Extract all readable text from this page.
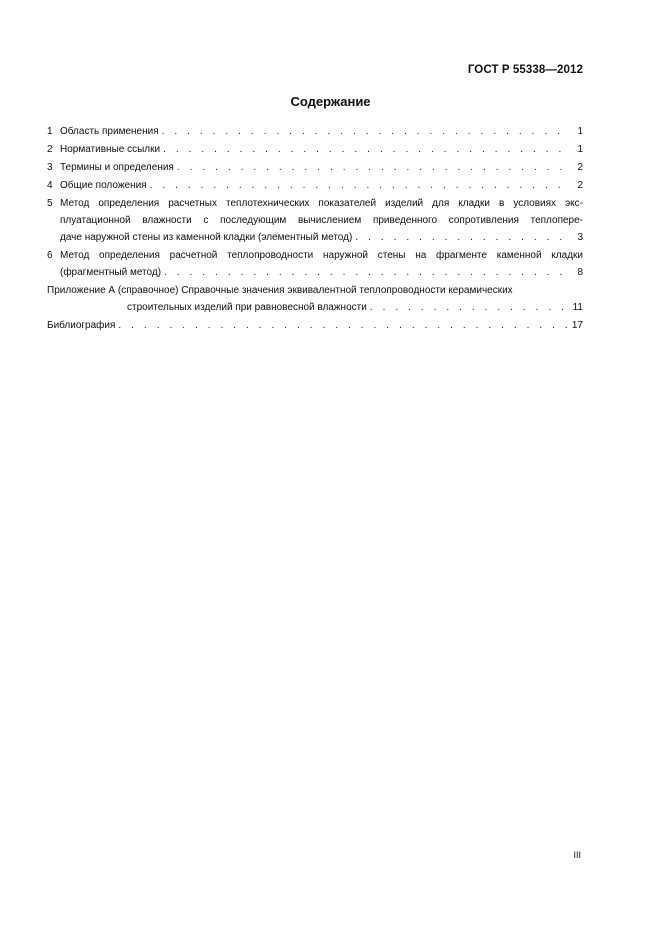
ГОСТ Р 55338—2012
Содержание
1 Область применения . . .	1
2 Нормативные ссылки . . .	1
3 Термины и определения . . .	2
4 Общие положения . . .	2
5 Метод определения расчетных теплотехнических показателей изделий для кладки в условиях экс-
плуатационной влажности с последующим вычислением приведенного сопротивления теплопере-
даче наружной стены из каменной кладки (элементный метод) . . .	3
6 Метод определения расчетной теплопроводности наружной стены на фрагменте каменной кладки
(фрагментный метод) . . .	8
Приложение А (справочное) Справочные значения эквивалентной теплопроводности керамических
строительных изделий при равновесной влажности . . .	11
Библиография . . .	17
III
